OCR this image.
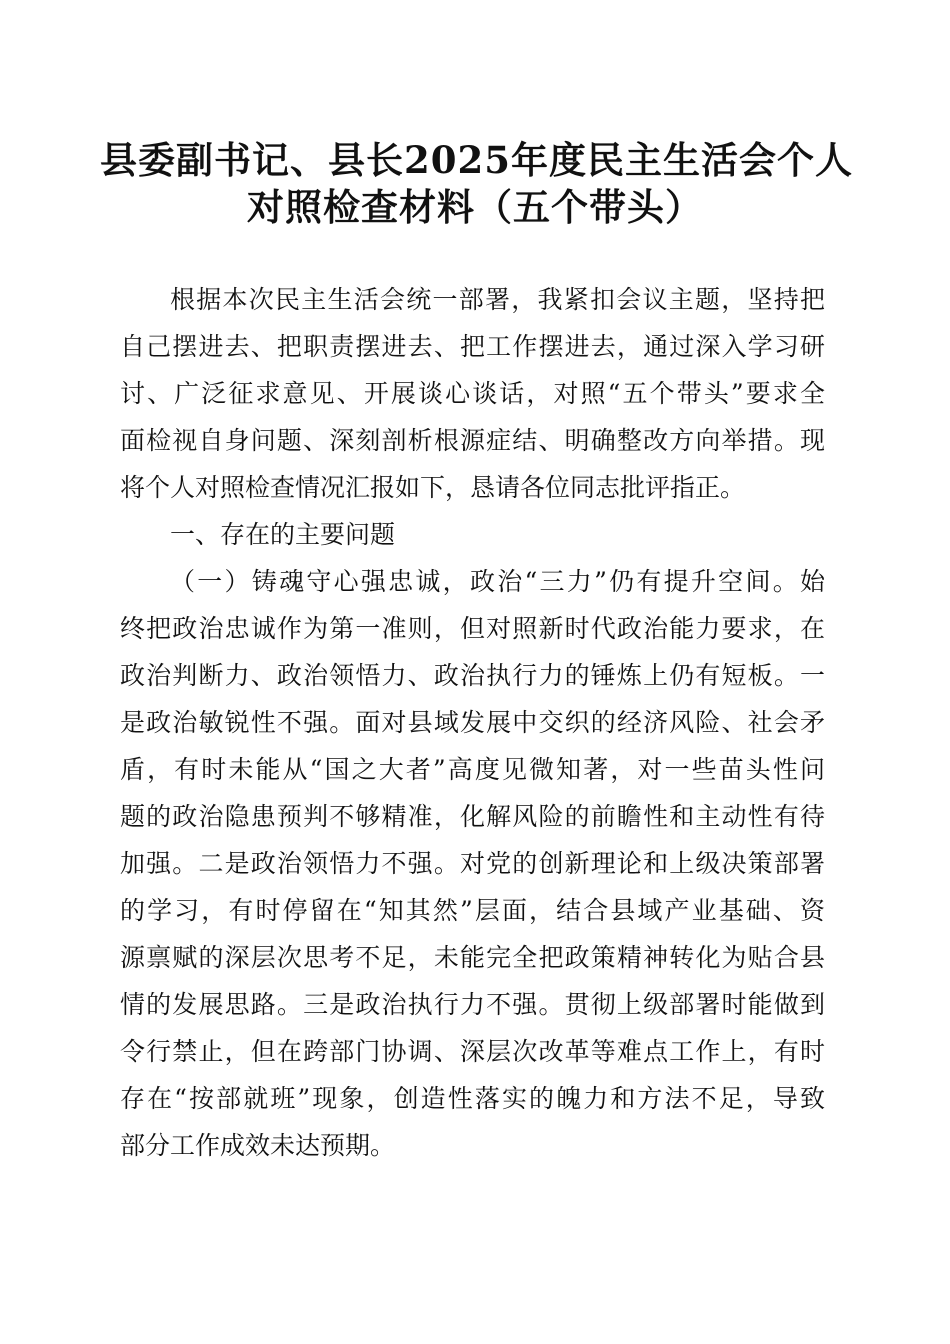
县委副书记、县长2025年度民主生活会个人
对照检查材料（五个带头）
根据本次民主生活会统一部署，我紧扣会议主题，坚持把
自己摆进去、把职责摆进去、把工作摆进去，通过深入学习研
讨、广泛征求意见、开展谈心谈话，对照“五个带头”要求全
面检视自身问题、深刻剖析根源症结、明确整改方向举措。现
将个人对照检查情况汇报如下，恳请各位同志批评指正。
一、存在的主要问题
（一）铸魂守心强忠诚，政治“三力”仍有提升空间。始
终把政治忠诚作为第一准则，但对照新时代政治能力要求，在
政治判断力、政治领悟力、政治执行力的锤炼上仍有短板。一
是政治敏锐性不强。面对县域发展中交织的经济风险、社会矛
盾，有时未能从“国之大者”高度见微知著，对一些苗头性问
题的政治隐患预判不够精准，化解风险的前瞻性和主动性有待
加强。二是政治领悟力不强。对党的创新理论和上级决策部署
的学习，有时停留在“知其然”层面，结合县域产业基础、资
源禀赋的深层次思考不足，未能完全把政策精神转化为贴合县
情的发展思路。三是政治执行力不强。贯彻上级部署时能做到
令行禁止，但在跨部门协调、深层次改革等难点工作上，有时
存在“按部就班”现象，创造性落实的魄力和方法不足，导致
部分工作成效未达预期。
